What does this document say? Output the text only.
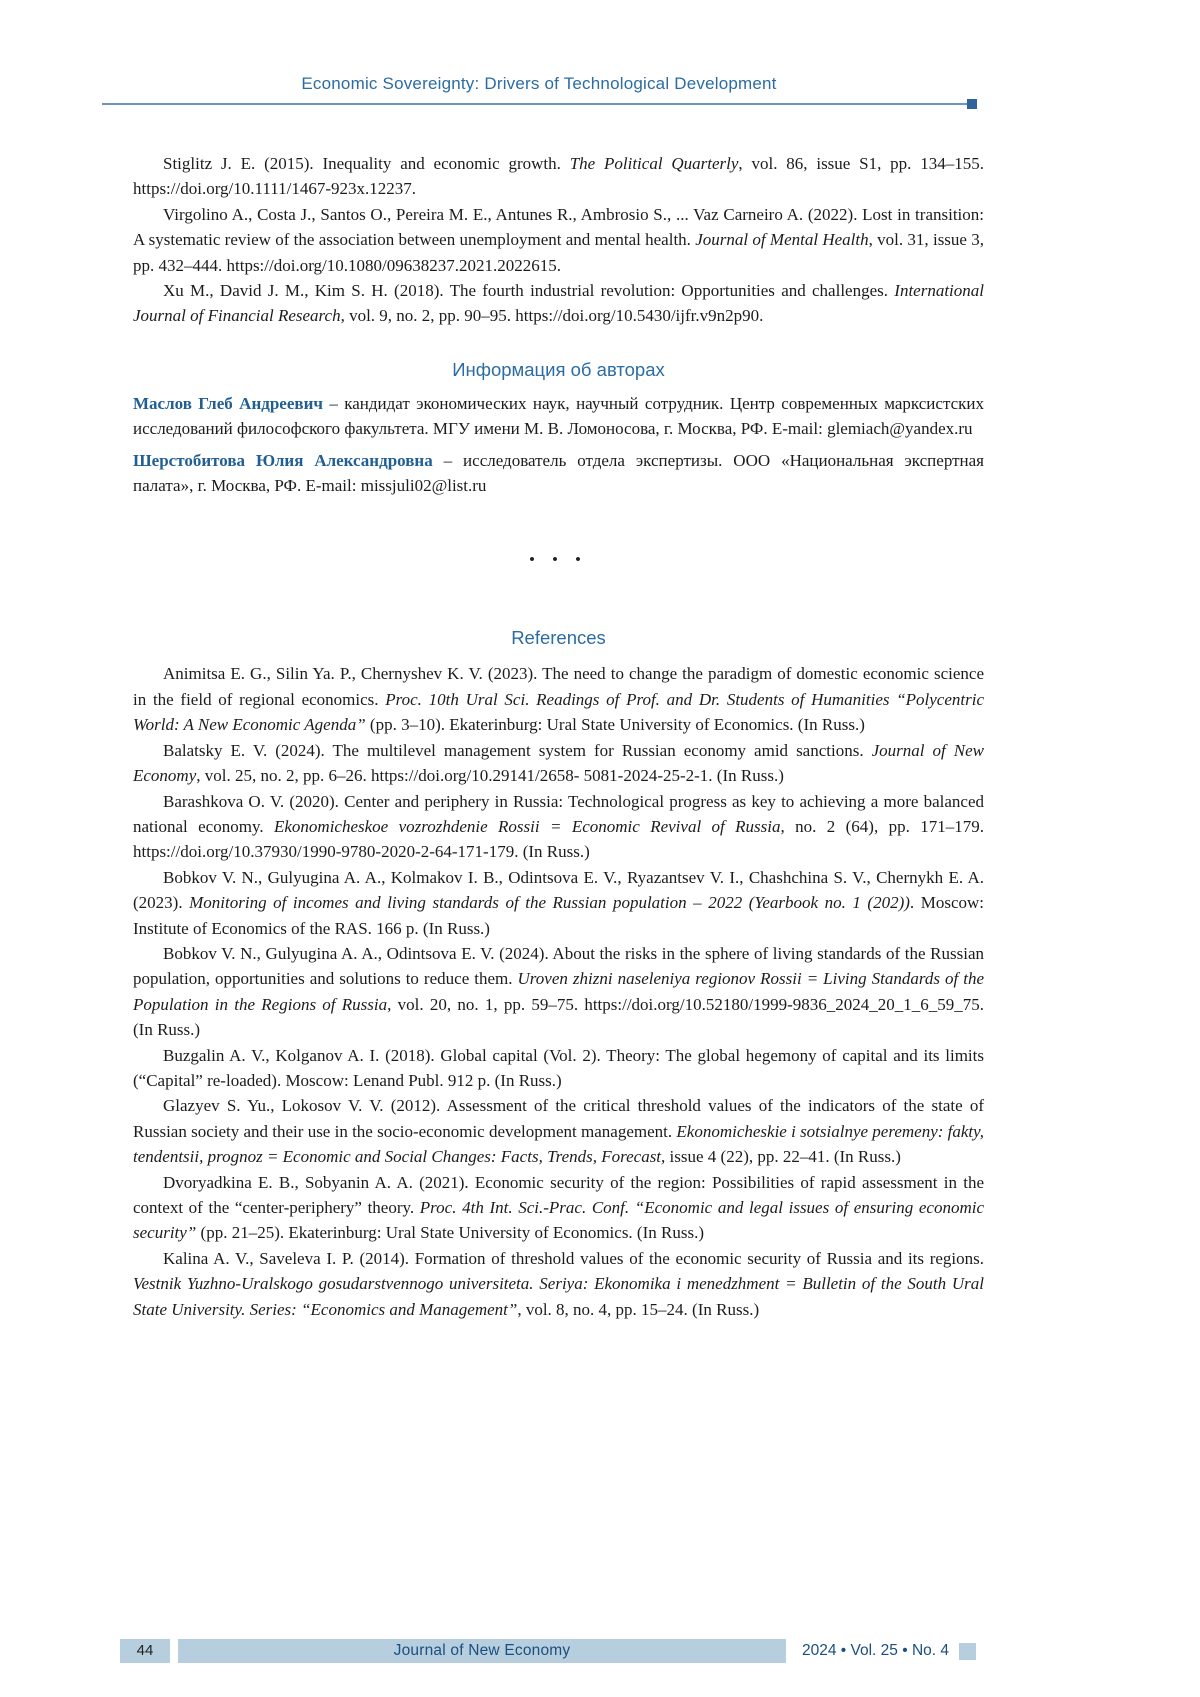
Economic Sovereignty: Drivers of Technological Development

Stiglitz J. E. (2015). Inequality and economic growth. The Political Quarterly, vol. 86, issue S1, pp. 134–155. https://doi.org/10.1111/1467-923x.12237.

Virgolino A., Costa J., Santos O., Pereira M. E., Antunes R., Ambrosio S., ... Vaz Carneiro A. (2022). Lost in transition: A systematic review of the association between unemployment and mental health. Journal of Mental Health, vol. 31, issue 3, pp. 432–444. https://doi.org/10.1080/09638237.2021.2022615.

Xu M., David J. M., Kim S. H. (2018). The fourth industrial revolution: Opportunities and challenges. International Journal of Financial Research, vol. 9, no. 2, pp. 90–95. https://doi.org/10.5430/ijfr.v9n2p90.

Информация об авторах

Маслов Глеб Андреевич – кандидат экономических наук, научный сотрудник. Центр современных марксистских исследований философского факультета. МГУ имени М. В. Ломоносова, г. Москва, РФ. E-mail: glemiach@yandex.ru

Шерстобитова Юлия Александровна – исследователь отдела экспертизы. ООО «Национальная экспертная палата», г. Москва, РФ. E-mail: missjuli02@list.ru

• • •
References

Animitsa E. G., Silin Ya. P., Chernyshev K. V. (2023). The need to change the paradigm of domestic economic science in the field of regional economics. Proc. 10th Ural Sci. Readings of Prof. and Dr. Students of Humanities “Polycentric World: A New Economic Agenda” (pp. 3–10). Ekaterinburg: Ural State University of Economics. (In Russ.)

Balatsky E. V. (2024). The multilevel management system for Russian economy amid sanctions. Journal of New Economy, vol. 25, no. 2, pp. 6–26. https://doi.org/10.29141/2658- 5081-2024-25-2-1. (In Russ.)

Barashkova O. V. (2020). Center and periphery in Russia: Technological progress as key to achieving a more balanced national economy. Ekonomicheskoe vozrozhdenie Rossii = Economic Revival of Russia, no. 2 (64), pp. 171–179. https://doi.org/10.37930/1990-9780-2020-2-64-171-179. (In Russ.)

Bobkov V. N., Gulyugina A. A., Kolmakov I. B., Odintsova E. V., Ryazantsev V. I., Chashchina S. V., Chernykh E. A. (2023). Monitoring of incomes and living standards of the Russian population – 2022 (Yearbook no. 1 (202)). Moscow: Institute of Economics of the RAS. 166 p. (In Russ.)

Bobkov V. N., Gulyugina A. A., Odintsova E. V. (2024). About the risks in the sphere of living standards of the Russian population, opportunities and solutions to reduce them. Uroven zhizni naseleniya regionov Rossii = Living Standards of the Population in the Regions of Russia, vol. 20, no. 1, pp. 59–75. https://doi.org/10.52180/1999-9836_2024_20_1_6_59_75. (In Russ.)

Buzgalin A. V., Kolganov A. I. (2018). Global capital (Vol. 2). Theory: The global hegemony of capital and its limits (“Capital” re-loaded). Moscow: Lenand Publ. 912 p. (In Russ.)

Glazyev S. Yu., Lokosov V. V. (2012). Assessment of the critical threshold values of the indicators of the state of Russian society and their use in the socio-economic development management. Ekonomicheskie i sotsialnye peremeny: fakty, tendentsii, prognoz = Economic and Social Changes: Facts, Trends, Forecast, issue 4 (22), pp. 22–41. (In Russ.)

Dvoryadkina E. B., Sobyanin A. A. (2021). Economic security of the region: Possibilities of rapid assessment in the context of the “center-periphery” theory. Proc. 4th Int. Sci.-Prac. Conf. “Economic and legal issues of ensuring economic security” (pp. 21–25). Ekaterinburg: Ural State University of Economics. (In Russ.)

Kalina A. V., Saveleva I. P. (2014). Formation of threshold values of the economic security of Russia and its regions. Vestnik Yuzhno-Uralskogo gosudarstvennogo universiteta. Seriya: Ekonomika i menedzhment = Bulletin of the South Ural State University. Series: “Economics and Management”, vol. 8, no. 4, pp. 15–24. (In Russ.)

44	Journal of New Economy	2024 • Vol. 25 • No. 4
